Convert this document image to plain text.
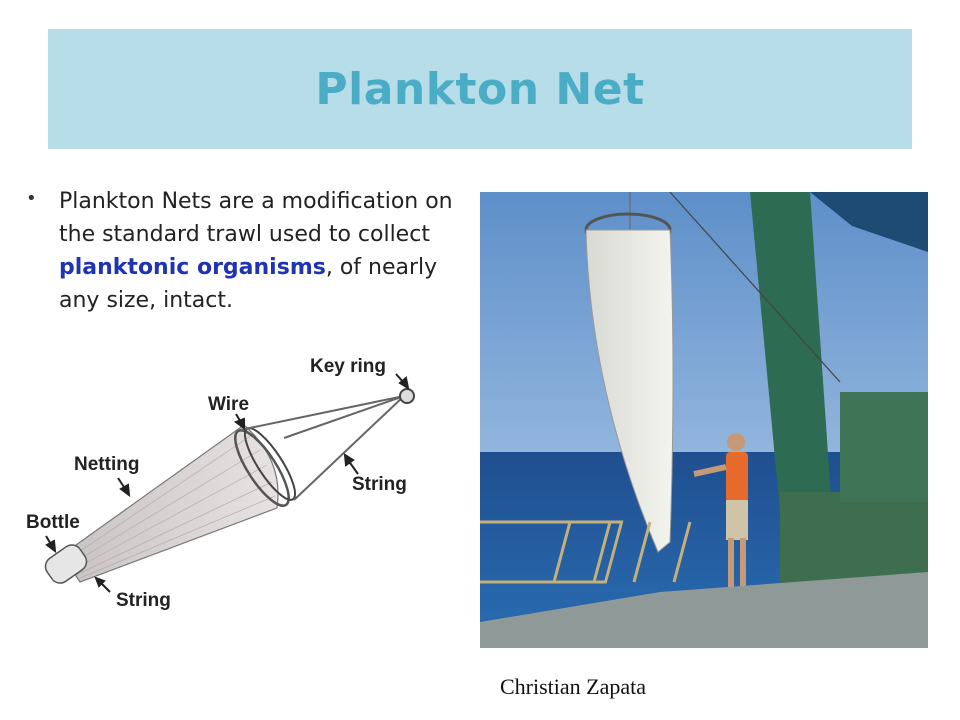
Plankton Net
• Plankton Nets are a modification on the standard trawl used to collect planktonic organisms, of nearly any size, intact.
Key ring
Wire
Netting
String
Bottle
String
Christian Zapata
